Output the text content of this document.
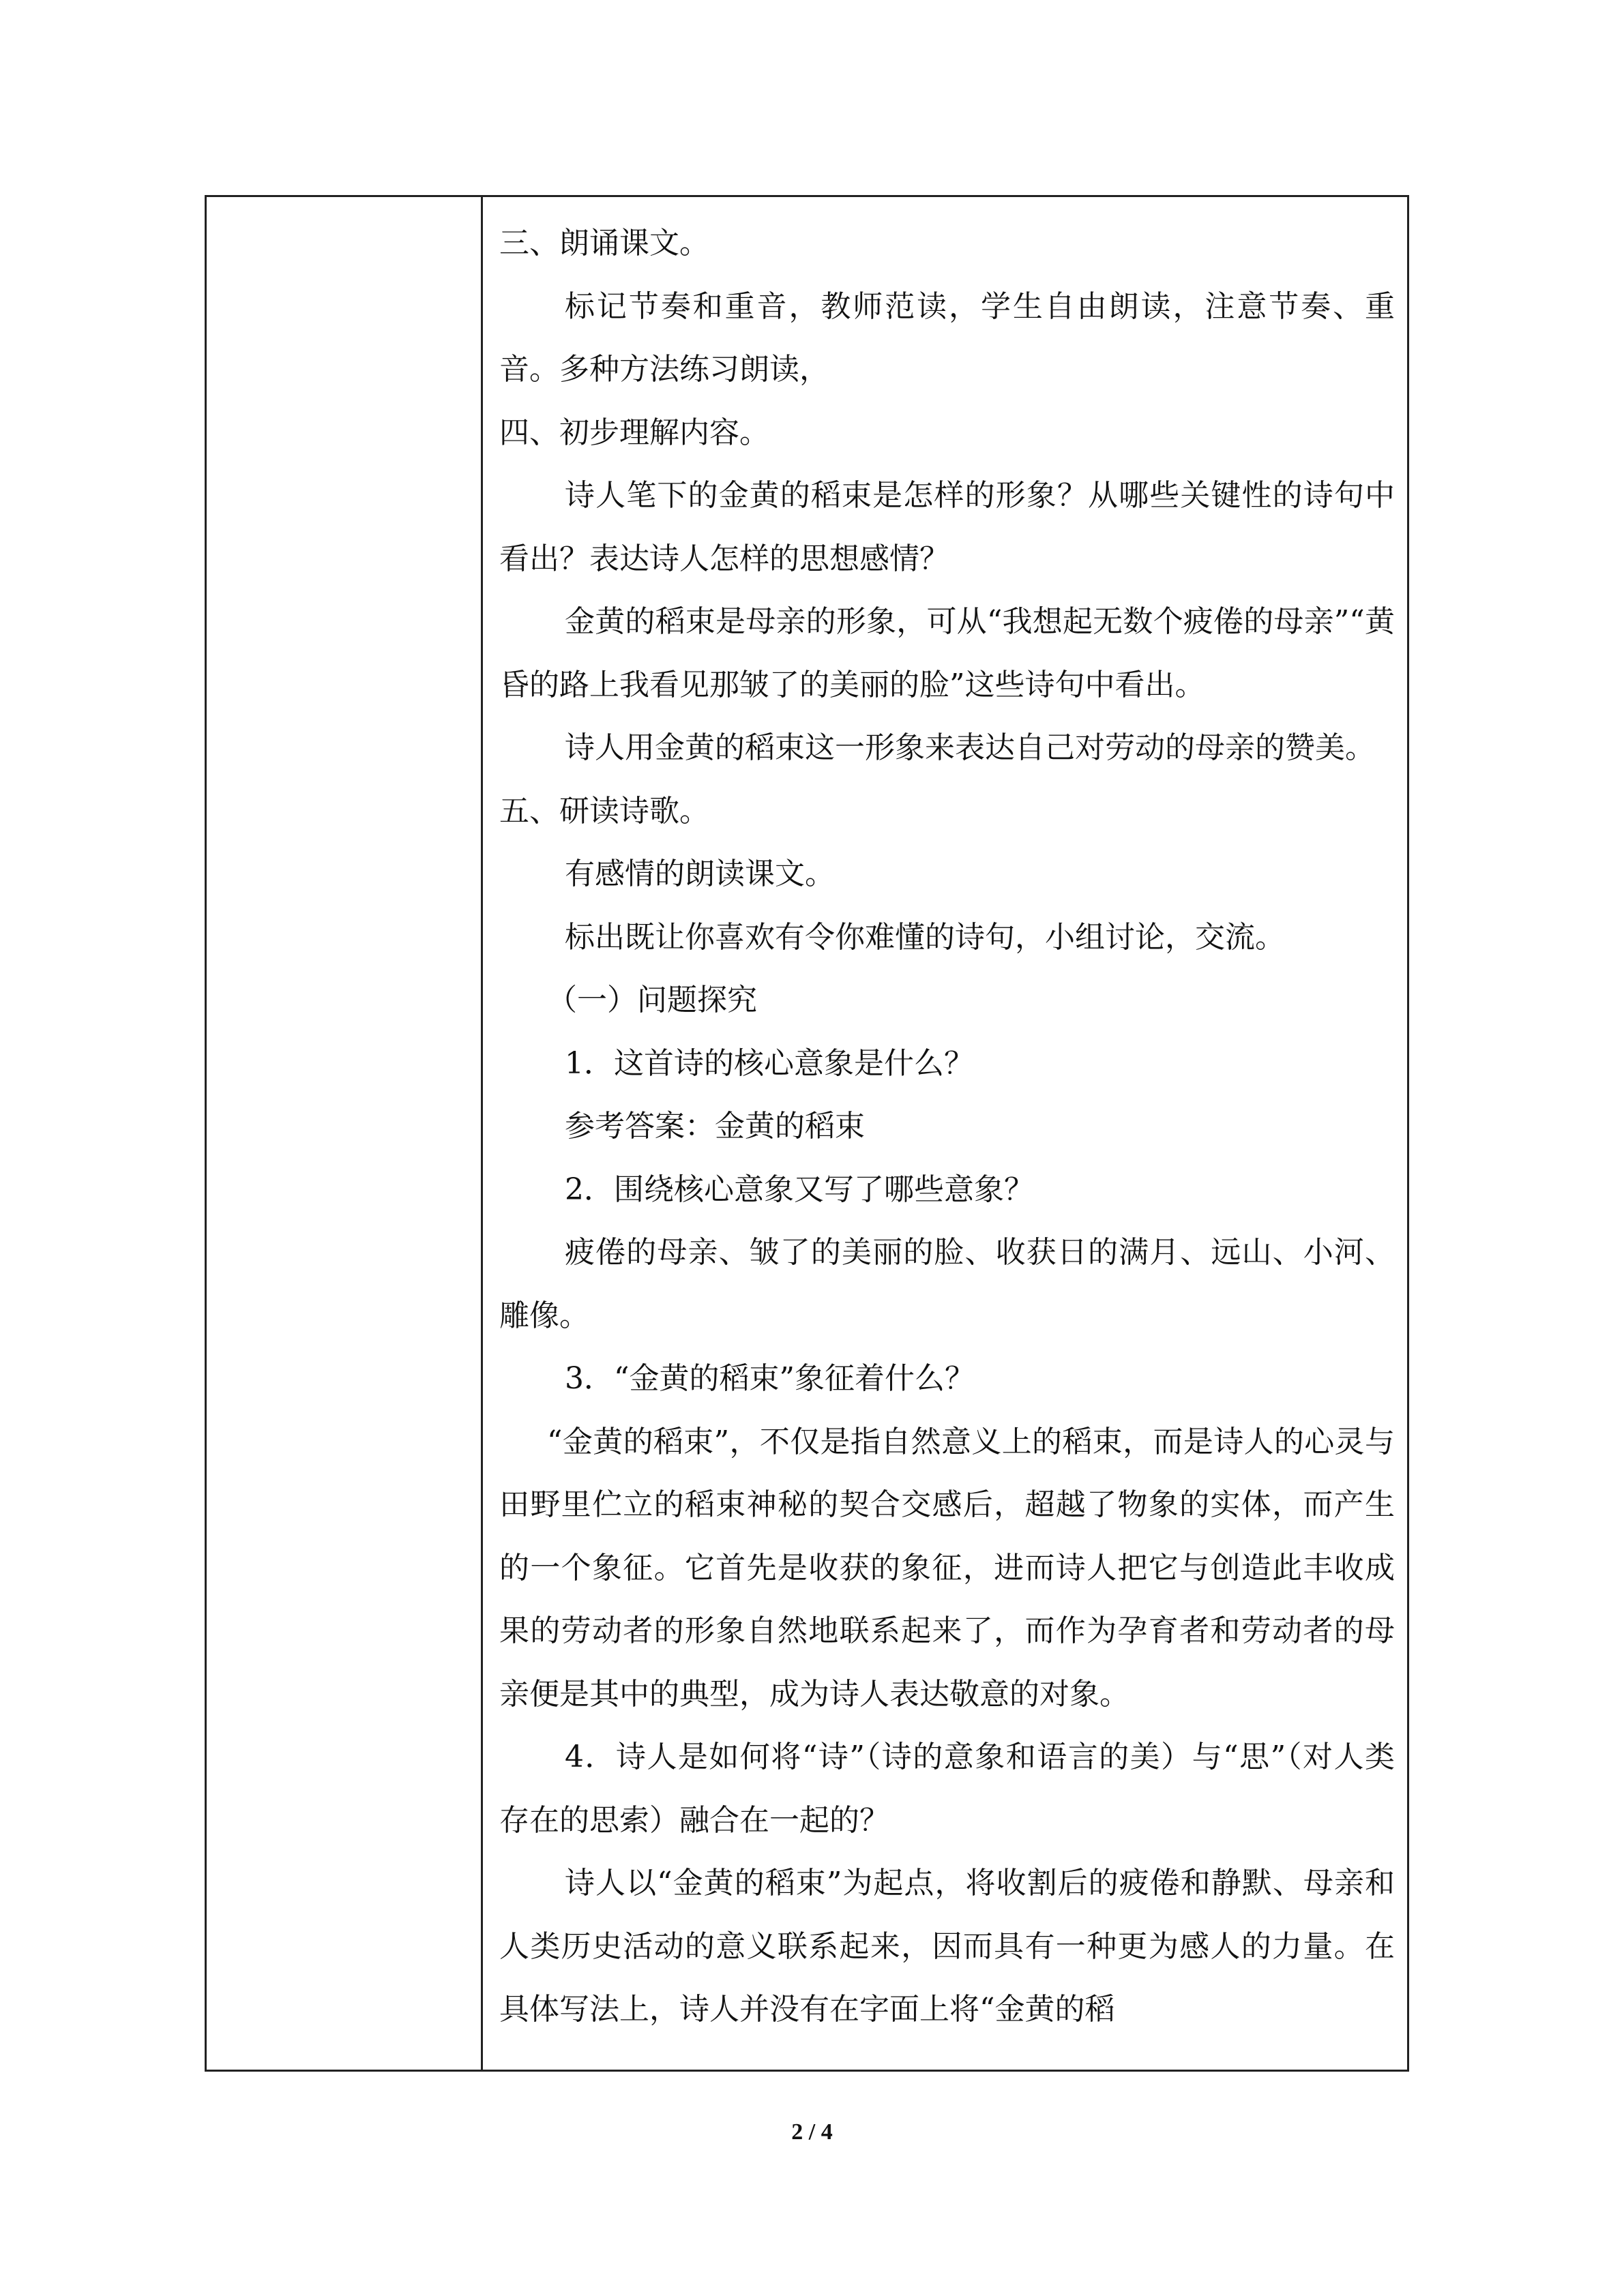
三、朗诵课文。

标记节奏和重音，教师范读，学生自由朗读，注意节奏、重音。多种方法练习朗读，

四、初步理解内容。

诗人笔下的金黄的稻束是怎样的形象？从哪些关键性的诗句中看出？表达诗人怎样的思想感情？

金黄的稻束是母亲的形象，可从“我想起无数个疲倦的母亲”“黄昏的路上我看见那皱了的美丽的脸”这些诗句中看出。

诗人用金黄的稻束这一形象来表达自己对劳动的母亲的赞美。

五、研读诗歌。

有感情的朗读课文。

标出既让你喜欢有令你难懂的诗句，小组讨论，交流。

（一）问题探究

1．这首诗的核心意象是什么？

参考答案：金黄的稻束

2．围绕核心意象又写了哪些意象？

疲倦的母亲、皱了的美丽的脸、收获日的满月、远山、小河、雕像。

3．“金黄的稻束”象征着什么？

“金黄的稻束”，不仅是指自然意义上的稻束，而是诗人的心灵与田野里伫立的稻束神秘的契合交感后，超越了物象的实体，而产生的一个象征。它首先是收获的象征，进而诗人把它与创造此丰收成果的劳动者的形象自然地联系起来了，而作为孕育者和劳动者的母亲便是其中的典型，成为诗人表达敬意的对象。

4．诗人是如何将“诗”（诗的意象和语言的美）与“思”（对人类存在的思索）融合在一起的？

诗人以“金黄的稻束”为起点，将收割后的疲倦和静默、母亲和人类历史活动的意义联系起来，因而具有一种更为感人的力量。在具体写法上，诗人并没有在字面上将“金黄的稻

2 / 4
